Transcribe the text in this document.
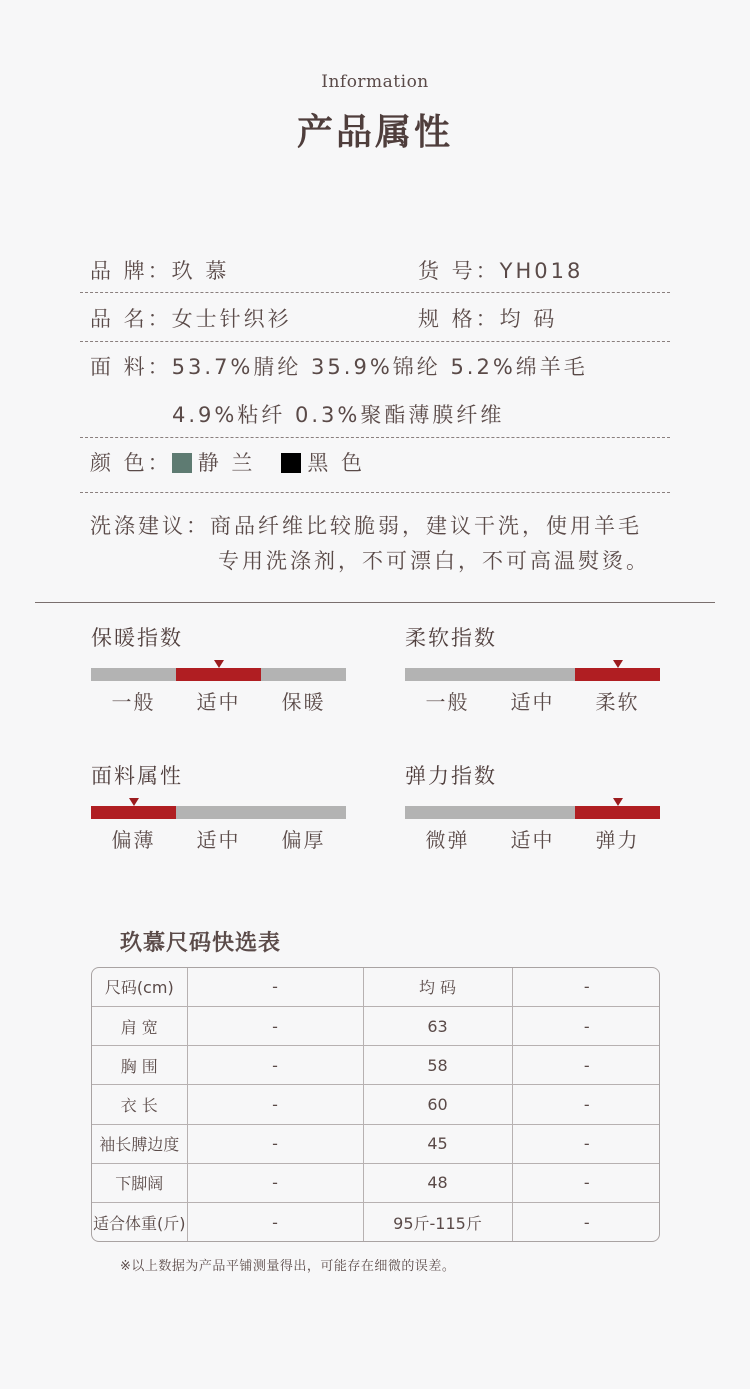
Information
产品属性
品 牌：玖 慕	货 号：YH018
品 名：女士针织衫	规 格：均 码
面 料：53.7%腈纶 35.9%锦纶 5.2%绵羊毛
4.9%粘纤 0.3%聚酯薄膜纤维
颜 色： 静 兰 黑 色
洗涤建议：商品纤维比较脆弱，建议干洗，使用羊毛
专用洗涤剂，不可漂白，不可高温熨烫。
保暖指数
一般	适中	保暖
柔软指数
一般	适中	柔软
面料属性
偏薄	适中	偏厚
弹力指数
微弹	适中	弹力
玖慕尺码快选表
尺码(cm)	-	均 码	-
肩 宽	-	63	-
胸 围	-	58	-
衣 长	-	60	-
袖长膊边度	-	45	-
下脚阔	-	48	-
适合体重(斤)	-	95斤-115斤	-
※以上数据为产品平铺测量得出，可能存在细微的误差。
